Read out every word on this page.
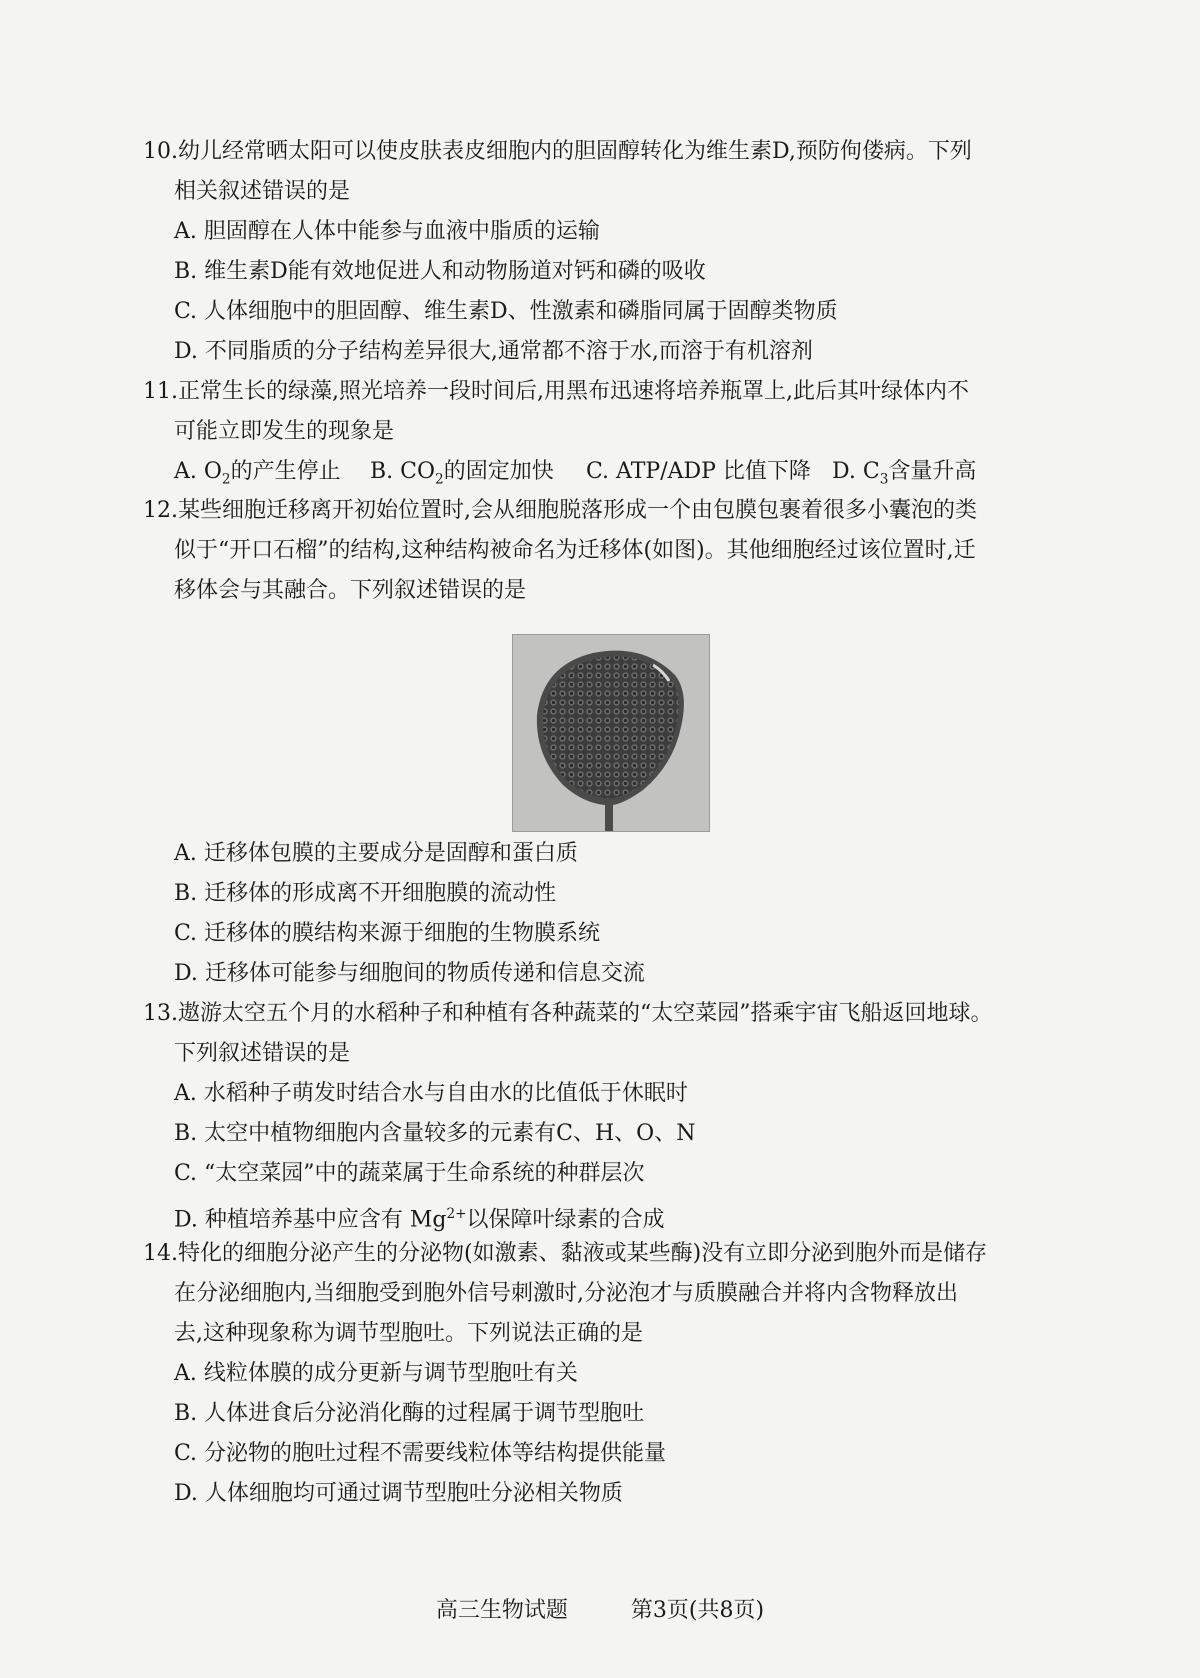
10.幼儿经常晒太阳可以使皮肤表皮细胞内的胆固醇转化为维生素D,预防佝偻病。下列
相关叙述错误的是
A. 胆固醇在人体中能参与血液中脂质的运输
B. 维生素D能有效地促进人和动物肠道对钙和磷的吸收
C. 人体细胞中的胆固醇、维生素D、性激素和磷脂同属于固醇类物质
D. 不同脂质的分子结构差异很大,通常都不溶于水,而溶于有机溶剂
11.正常生长的绿藻,照光培养一段时间后,用黑布迅速将培养瓶罩上,此后其叶绿体内不
可能立即发生的现象是
A. $O_2$的产生停止	B. $CO_2$的固定加快	C. ATP/ADP 比值下降 D. $C_3$含量升高
12.某些细胞迁移离开初始位置时,会从细胞脱落形成一个由包膜包裹着很多小囊泡的类
似于“开口石榴”的结构,这种结构被命名为迁移体(如图)。其他细胞经过该位置时,迁
移体会与其融合。下列叙述错误的是
A. 迁移体包膜的主要成分是固醇和蛋白质
B. 迁移体的形成离不开细胞膜的流动性
C. 迁移体的膜结构来源于细胞的生物膜系统
D. 迁移体可能参与细胞间的物质传递和信息交流
13.遨游太空五个月的水稻种子和种植有各种蔬菜的“太空菜园”搭乘宇宙飞船返回地球。
下列叙述错误的是
A. 水稻种子萌发时结合水与自由水的比值低于休眠时
B. 太空中植物细胞内含量较多的元素有C、H、O、N
C. “太空菜园”中的蔬菜属于生命系统的种群层次
D. 种植培养基中应含有 $Mg^{2+}$以保障叶绿素的合成
14.特化的细胞分泌产生的分泌物(如激素、黏液或某些酶)没有立即分泌到胞外而是储存
在分泌细胞内,当细胞受到胞外信号刺激时,分泌泡才与质膜融合并将内含物释放出
去,这种现象称为调节型胞吐。下列说法正确的是
A. 线粒体膜的成分更新与调节型胞吐有关
B. 人体进食后分泌消化酶的过程属于调节型胞吐
C. 分泌物的胞吐过程不需要线粒体等结构提供能量
D. 人体细胞均可通过调节型胞吐分泌相关物质
高三生物试题	第3页(共8页)
